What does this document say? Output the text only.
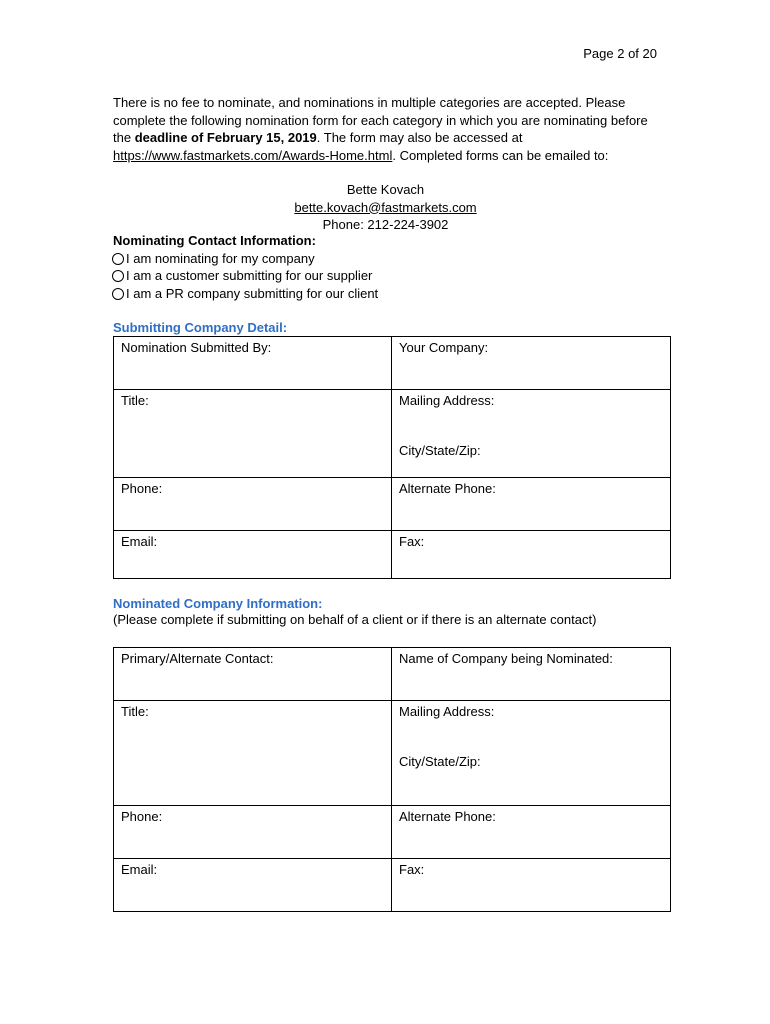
Page 2 of 20
There is no fee to nominate, and nominations in multiple categories are accepted. Please complete the following nomination form for each category in which you are nominating before the deadline of February 15, 2019. The form may also be accessed at https://www.fastmarkets.com/Awards-Home.html. Completed forms can be emailed to:
Bette Kovach
bette.kovach@fastmarkets.com
Phone: 212-224-3902
Nominating Contact Information:
I am nominating for my company
I am a customer submitting for our supplier
I am a PR company submitting for our client
Submitting Company Detail:
Nomination Submitted By:	Your Company:
Title:	Mailing Address:
City/State/Zip:

Phone:	Alternate Phone:
Email:	Fax:
Nominated Company Information:
(Please complete if submitting on behalf of a client or if there is an alternate contact)
Primary/Alternate Contact:	Name of Company being Nominated:
Title:	Mailing Address:
City/State/Zip:

Phone:	Alternate Phone:
Email:	Fax:
